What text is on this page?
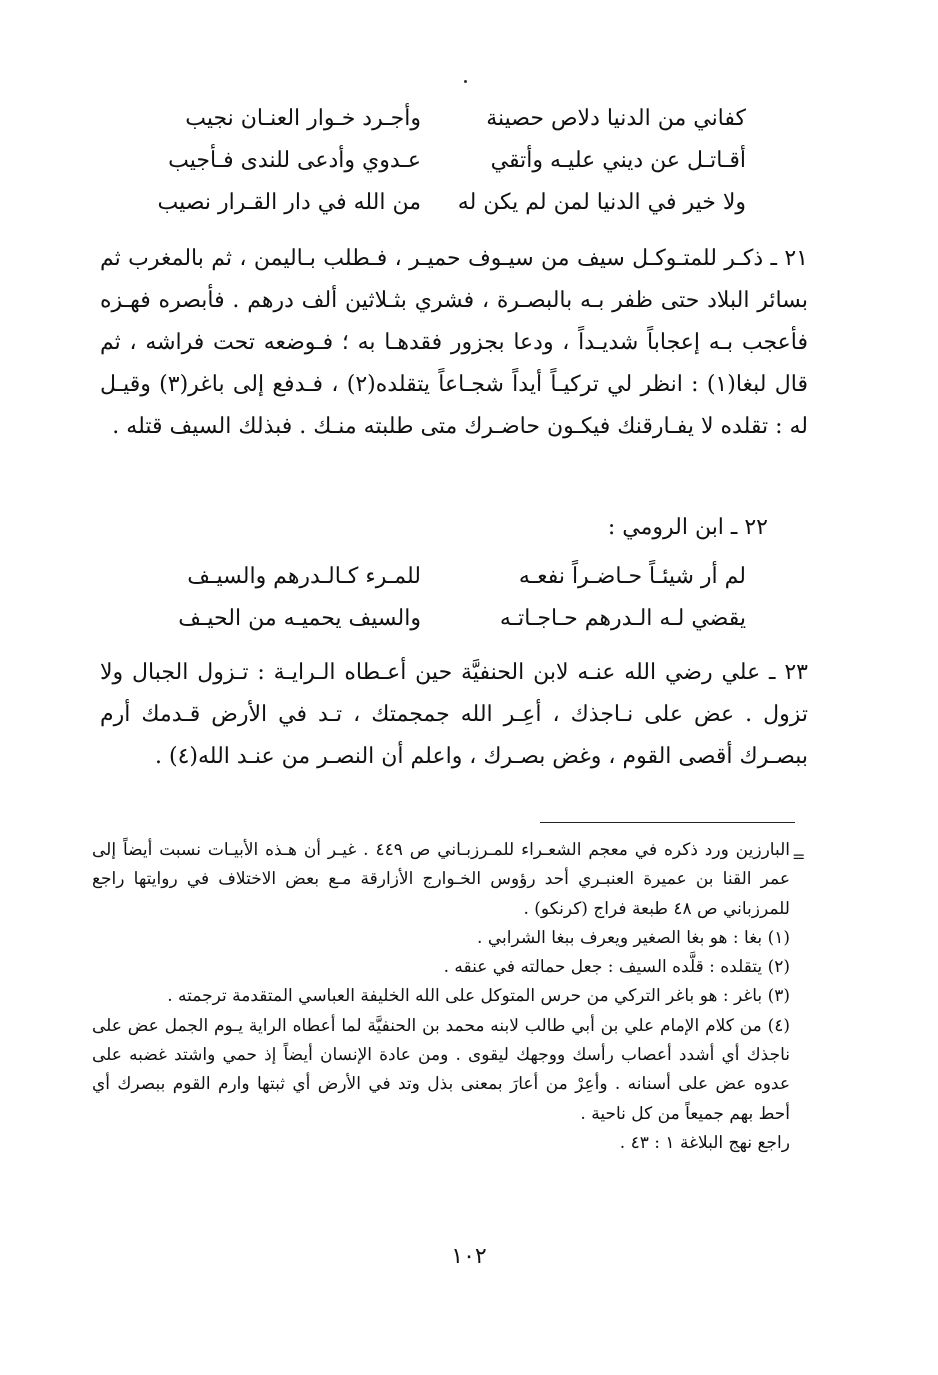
كفاني من الدنيا دلاص حصينة
وأجـرد خـوار العنـان نجيب
أقـاتـل عن ديني عليـه وأتقي
عـدوي وأدعى للندى فـأجيب
ولا خير في الدنيا لمن لم يكن له
من الله في دار القـرار نصيب

٢١ ـ ذكـر للمتـوكـل سيف من سيـوف حميـر ، فـطلب بـاليمن ، ثم بالمغرب ثم بسائر البلاد حتى ظفر بـه بالبصـرة ، فشري بثـلاثين ألف درهم . فأبصره فهـزه فأعجب بـه إعجاباً شديـداً ، ودعا بجزور فقدهـا به ؛ فـوضعه تحت فراشه ، ثم قال لبغا(١) : انظر لي تركيـاً أيداً شجـاعاً يتقلده(٢) ، فـدفع إلى باغر(٣) وقيـل له : تقلده لا يفـارقنك فيكـون حاضـرك متى طلبته منـك . فبذلك السيف قتله .

٢٢ ـ ابن الرومي :
لم أر شيئـاً حـاضـراً نفعـه
للمـرء كـالـدرهم والسيـف
يقضي لـه الـدرهم حـاجـاتـه
والسيف يحميـه من الحيـف

٢٣ ـ علي رضي الله عنـه لابن الحنفيَّة حين أعـطاه الـرايـة : تـزول الجبال ولا تزول . عض على نـاجذك ، أعِـر الله جمجمتك ، تـد في الأرض قـدمك أرم ببصـرك أقصى القوم ، وغض بصـرك ، واعلم أن النصـر من عنـد الله(٤) .

=

البارزين ورد ذكره في معجم الشعـراء للمـرزبـاني ص ٤٤٩ . غيـر أن هـذه الأبيـات نسبت أيضاً إلى عمر القنا بن عميرة العنبـري أحد رؤوس الخـوارج الأزارقة مـع بعض الاختلاف في روايتها راجع للمرزباني ص ٤٨ طبعة فراج (كرنكو) .

(١) بغا : هو بغا الصغير ويعرف ببغا الشرابي .

(٢) يتقلده : قلَّده السيف : جعل حمالته في عنقه .

(٣) باغر : هو باغر التركي من حرس المتوكل على الله الخليفة العباسي المتقدمة ترجمته .

(٤) من كلام الإمام علي بن أبي طالب لابنه محمد بن الحنفيَّة لما أعطاه الراية يـوم الجمل عض على ناجذك أي أشدد أعصاب رأسك ووجهك ليقوى . ومن عادة الإنسان أيضاً إذ حمي واشتد غضبه على عدوه عض على أسنانه . وأعِرْ من أعارَ بمعنى بذل وتد في الأرض أي ثبتها وارم القوم ببصرك أي أحط بهم جميعاً من كل ناحية .

راجع نهج البلاغة ١ : ٤٣ .

١٠٢
